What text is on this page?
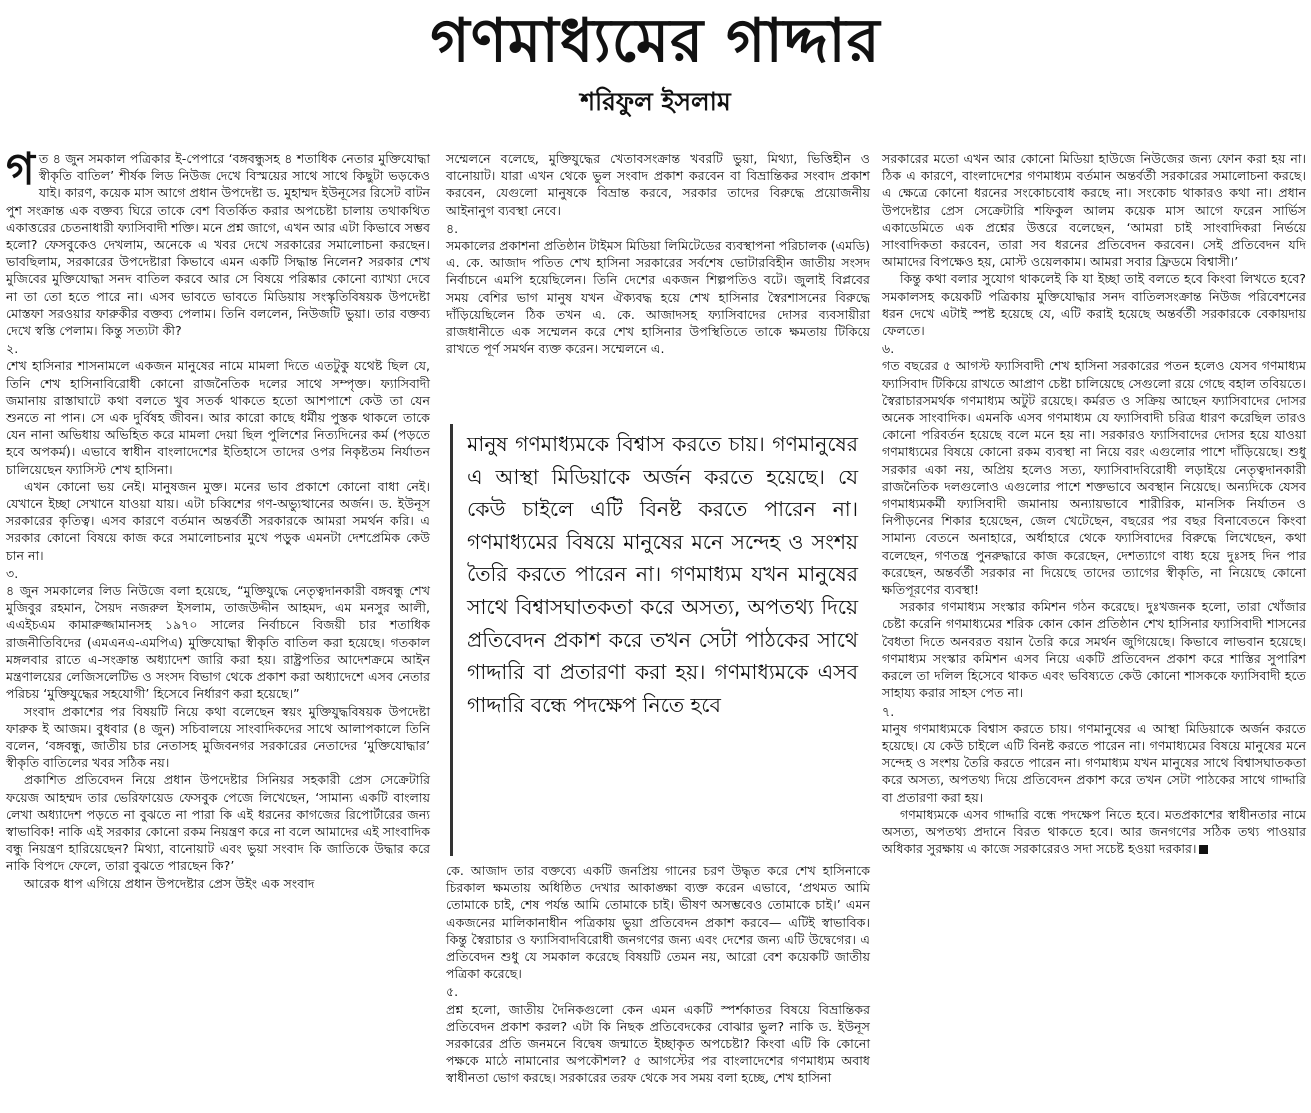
গণমাধ্যমের গাদ্দার
শরিফুল ইসলাম

গত ৪ জুন সমকাল পত্রিকার ই-পেপারে ‘বঙ্গবন্ধুসহ ৪ শতাধিক নেতার মুক্তিযোদ্ধা স্বীকৃতি বাতিল’ শীর্ষক লিড নিউজ দেখে বিস্ময়ের সাথে সাথে কিছুটা ভড়কেও যাই। কারণ, কয়েক মাস আগে প্রধান উপদেষ্টা ড. মুহাম্মদ ইউনূসের রিসেট বাটন পুশ সংক্রান্ত এক বক্তব্য ঘিরে তাকে বেশ বিতর্কিত করার অপচেষ্টা চালায় তথাকথিত একাত্তরের চেতনাধারী ফ্যাসিবাদী শক্তি। মনে প্রশ্ন জাগে, এখন আর এটা কিভাবে সম্ভব হলো? ফেসবুকেও দেখলাম, অনেকে এ খবর দেখে সরকারের সমালোচনা করছেন। ভাবছিলাম, সরকারের উপদেষ্টারা কিভাবে এমন একটি সিদ্ধান্ত নিলেন? সরকার শেখ মুজিবের মুক্তিযোদ্ধা সনদ বাতিল করবে আর সে বিষয়ে পরিষ্কার কোনো ব্যাখ্যা দেবে না তা তো হতে পারে না। এসব ভাবতে ভাবতে মিডিয়ায় সংস্কৃতিবিষয়ক উপদেষ্টা মোস্তফা সরওয়ার ফারুকীর বক্তব্য পেলাম। তিনি বললেন, নিউজটি ভুয়া। তার বক্তব্য দেখে স্বস্তি পেলাম। কিন্তু সত্যটা কী?

২.

শেখ হাসিনার শাসনামলে একজন মানুষের নামে মামলা দিতে এতটুকু যথেষ্ট ছিল যে, তিনি শেখ হাসিনাবিরোধী কোনো রাজনৈতিক দলের সাথে সম্পৃক্ত। ফ্যাসিবাদী জমানায় রাস্তাঘাটে কথা বলতে খুব সতর্ক থাকতে হতো আশপাশে কেউ তা যেন শুনতে না পান। সে এক দুর্বিষহ জীবন। আর কারো কাছে ধর্মীয় পুস্তক থাকলে তাকে যেন নানা অভিধায় অভিহিত করে মামলা দেয়া ছিল পুলিশের নিত্যদিনের কর্ম (পড়তে হবে অপকর্ম)। এভাবে স্বাধীন বাংলাদেশের ইতিহাসে তাদের ওপর নিকৃষ্টতম নির্যাতন চালিয়েছেন ফ্যাসিস্ট শেখ হাসিনা।

এখন কোনো ভয় নেই। মানুষজন মুক্ত। মনের ভাব প্রকাশে কোনো বাধা নেই। যেখানে ইচ্ছা সেখানে যাওয়া যায়। এটা চব্বিশের গণ-অভ্যুত্থানের অর্জন। ড. ইউনূস সরকারের কৃতিত্ব। এসব কারণে বর্তমান অন্তর্বর্তী সরকারকে আমরা সমর্থন করি। এ সরকার কোনো বিষয়ে কাজ করে সমালোচনার মুখে পড়ুক এমনটা দেশপ্রেমিক কেউ চান না।

৩.

৪ জুন সমকালের লিড নিউজে বলা হয়েছে, “মুক্তিযুদ্ধে নেতৃত্বদানকারী বঙ্গবন্ধু শেখ মুজিবুর রহমান, সৈয়দ নজরুল ইসলাম, তাজউদ্দীন আহমদ, এম মনসুর আলী, এএইচএম কামারুজ্জামানসহ ১৯৭০ সালের নির্বাচনে বিজয়ী চার শতাধিক রাজনীতিবিদের (এমএনএ-এমপিএ) মুক্তিযোদ্ধা স্বীকৃতি বাতিল করা হয়েছে। গতকাল মঙ্গলবার রাতে এ-সংক্রান্ত অধ্যাদেশ জারি করা হয়। রাষ্ট্রপতির আদেশক্রমে আইন মন্ত্রণালয়ের লেজিসলেটিভ ও সংসদ বিভাগ থেকে প্রকাশ করা অধ্যাদেশে এসব নেতার পরিচয় ‘মুক্তিযুদ্ধের সহযোগী’ হিসেবে নির্ধারণ করা হয়েছে।”

সংবাদ প্রকাশের পর বিষয়টি নিয়ে কথা বলেছেন স্বয়ং মুক্তিযুদ্ধবিষয়ক উপদেষ্টা ফারুক ই আজম। বুধবার (৪ জুন) সচিবালয়ে সাংবাদিকদের সাথে আলাপকালে তিনি বলেন, ‘বঙ্গবন্ধু, জাতীয় চার নেতাসহ মুজিবনগর সরকারের নেতাদের ‘মুক্তিযোদ্ধার’ স্বীকৃতি বাতিলের খবর সঠিক নয়।

প্রকাশিত প্রতিবেদন নিয়ে প্রধান উপদেষ্টার সিনিয়র সহকারী প্রেস সেক্রেটারি ফয়েজ আহম্মদ তার ভেরিফায়েড ফেসবুক পেজে লিখেছেন, ‘সামান্য একটি বাংলায় লেখা অধ্যাদেশ পড়তে না বুঝতে না পারা কি এই ধরনের কাগজের রিপোর্টারের জন্য স্বাভাবিক! নাকি এই সরকার কোনো রকম নিয়ন্ত্রণ করে না বলে আমাদের এই সাংবাদিক বন্ধু নিয়ন্ত্রণ হারিয়েছেন? মিথ্যা, বানোয়াট এবং ভুয়া সংবাদ কি জাতিকে উদ্ধার করে নাকি বিপদে ফেলে, তারা বুঝতে পারছেন কি?’

আরেক ধাপ এগিয়ে প্রধান উপদেষ্টার প্রেস উইং এক সংবাদ

সম্মেলনে বলেছে, মুক্তিযুদ্ধের খেতাবসংক্রান্ত খবরটি ভুয়া, মিথ্যা, ভিত্তিহীন ও বানোয়াট। যারা এখন থেকে ভুল সংবাদ প্রকাশ করবেন বা বিভ্রান্তিকর সংবাদ প্রকাশ করবেন, যেগুলো মানুষকে বিভ্রান্ত করবে, সরকার তাদের বিরুদ্ধে প্রয়োজনীয় আইনানুগ ব্যবস্থা নেবে।

৪.

সমকালের প্রকাশনা প্রতিষ্ঠান টাইমস মিডিয়া লিমিটেডের ব্যবস্থাপনা পরিচালক (এমডি) এ. কে. আজাদ পতিত শেখ হাসিনা সরকারের সর্বশেষ ভোটারবিহীন জাতীয় সংসদ নির্বাচনে এমপি হয়েছিলেন। তিনি দেশের একজন শিল্পপতিও বটে। জুলাই বিপ্লবের সময় বেশির ভাগ মানুষ যখন ঐক্যবদ্ধ হয়ে শেখ হাসিনার স্বৈরশাসনের বিরুদ্ধে দাঁড়িয়েছিলেন ঠিক তখন এ. কে. আজাদসহ ফ্যাসিবাদের দোসর ব্যবসায়ীরা রাজধানীতে এক সম্মেলন করে শেখ হাসিনার উপস্থিতিতে তাকে ক্ষমতায় টিকিয়ে রাখতে পূর্ণ সমর্থন ব্যক্ত করেন। সম্মেলনে এ.

মানুষ গণমাধ্যমকে বিশ্বাস করতে চায়। গণমানুষের এ আস্থা মিডিয়াকে অর্জন করতে হয়েছে। যে কেউ চাইলে এটি বিনষ্ট করতে পারেন না। গণমাধ্যমের বিষয়ে মানুষের মনে সন্দেহ ও সংশয় তৈরি করতে পারেন না। গণমাধ্যম যখন মানুষের সাথে বিশ্বাসঘাতকতা করে অসত্য, অপতথ্য দিয়ে প্রতিবেদন প্রকাশ করে তখন সেটা পাঠকের সাথে গাদ্দারি বা প্রতারণা করা হয়। গণমাধ্যমকে এসব গাদ্দারি বন্ধে পদক্ষেপ নিতে হবে

কে. আজাদ তার বক্তব্যে একটি জনপ্রিয় গানের চরণ উদ্ধৃত করে শেখ হাসিনাকে চিরকাল ক্ষমতায় অধিষ্ঠিত দেখার আকাঙ্ক্ষা ব্যক্ত করেন এভাবে, ‘প্রথমত আমি তোমাকে চাই, শেষ পর্যন্ত আমি তোমাকে চাই। ভীষণ অসম্ভবেও তোমাকে চাই।’ এমন একজনের মালিকানাধীন পত্রিকায় ভুয়া প্রতিবেদন প্রকাশ করবে— এটিই স্বাভাবিক। কিন্তু স্বৈরাচার ও ফ্যাসিবাদবিরোধী জনগণের জন্য এবং দেশের জন্য এটি উদ্বেগের। এ প্রতিবেদন শুধু যে সমকাল করেছে বিষয়টি তেমন নয়, আরো বেশ কয়েকটি জাতীয় পত্রিকা করেছে।

৫.

প্রশ্ন হলো, জাতীয় দৈনিকগুলো কেন এমন একটি স্পর্শকাতর বিষয়ে বিভ্রান্তিকর প্রতিবেদন প্রকাশ করল? এটা কি নিছক প্রতিবেদকের বোঝার ভুল? নাকি ড. ইউনূস সরকারের প্রতি জনমনে বিদ্বেষ জন্মাতে ইচ্ছাকৃত অপচেষ্টা? কিংবা এটি কি কোনো পক্ষকে মাঠে নামানোর অপকৌশল? ৫ আগস্টের পর বাংলাদেশের গণমাধ্যম অবাধ স্বাধীনতা ভোগ করছে। সরকারের তরফ থেকে সব সময় বলা হচ্ছে, শেখ হাসিনা

সরকারের মতো এখন আর কোনো মিডিয়া হাউজে নিউজের জন্য ফোন করা হয় না। ঠিক এ কারণে, বাংলাদেশের গণমাধ্যম বর্তমান অন্তর্বর্তী সরকারের সমালোচনা করছে। এ ক্ষেত্রে কোনো ধরনের সংকোচবোধ করছে না। সংকোচ থাকারও কথা না। প্রধান উপদেষ্টার প্রেস সেক্রেটারি শফিকুল আলম কয়েক মাস আগে ফরেন সার্ভিস একাডেমিতে এক প্রশ্নের উত্তরে বলেছেন, ‘আমরা চাই সাংবাদিকরা নির্ভয়ে সাংবাদিকতা করবেন, তারা সব ধরনের প্রতিবেদন করবেন। সেই প্রতিবেদন যদি আমাদের বিপক্ষেও হয়, মোস্ট ওয়েলকাম। আমরা সবার ফ্রিডমে বিশ্বাসী।’

কিন্তু কথা বলার সুযোগ থাকলেই কি যা ইচ্ছা তাই বলতে হবে কিংবা লিখতে হবে? সমকালসহ কয়েকটি পত্রিকায় মুক্তিযোদ্ধার সনদ বাতিলসংক্রান্ত নিউজ পরিবেশনের ধরন দেখে এটাই স্পষ্ট হয়েছে যে, এটি করাই হয়েছে অন্তর্বর্তী সরকারকে বেকায়দায় ফেলতে।

৬.

গত বছরের ৫ আগস্ট ফ্যাসিবাদী শেখ হাসিনা সরকারের পতন হলেও যেসব গণমাধ্যম ফ্যাসিবাদ টিকিয়ে রাখতে আপ্রাণ চেষ্টা চালিয়েছে সেগুলো রয়ে গেছে বহাল তবিয়তে। স্বৈরাচারসমর্থক গণমাধ্যম অটুট রয়েছে। কর্মরত ও সক্রিয় আছেন ফ্যাসিবাদের দোসর অনেক সাংবাদিক। এমনকি এসব গণমাধ্যম যে ফ্যাসিবাদী চরিত্র ধারণ করেছিল তারও কোনো পরিবর্তন হয়েছে বলে মনে হয় না। সরকারও ফ্যাসিবাদের দোসর হয়ে যাওয়া গণমাধ্যমের বিষয়ে কোনো রকম ব্যবস্থা না নিয়ে বরং এগুলোর পাশে দাঁড়িয়েছে। শুধু সরকার একা নয়, অপ্রিয় হলেও সত্য, ফ্যাসিবাদবিরোধী লড়াইয়ে নেতৃত্বদানকারী রাজনৈতিক দলগুলোও এগুলোর পাশে শক্তভাবে অবস্থান নিয়েছে। অন্যদিকে যেসব গণমাধ্যমকর্মী ফ্যাসিবাদী জমানায় অন্যায়ভাবে শারীরিক, মানসিক নির্যাতন ও নিপীড়নের শিকার হয়েছেন, জেল খেটেছেন, বছরের পর বছর বিনাবেতনে কিংবা সামান্য বেতনে অনাহারে, অর্ধাহারে থেকে ফ্যাসিবাদের বিরুদ্ধে লিখেছেন, কথা বলেছেন, গণতন্ত্র পুনরুদ্ধারে কাজ করেছেন, দেশত্যাগে বাধ্য হয়ে দুঃসহ দিন পার করেছেন, অন্তর্বর্তী সরকার না দিয়েছে তাদের ত্যাগের স্বীকৃতি, না নিয়েছে কোনো ক্ষতিপূরণের ব্যবস্থা!

সরকার গণমাধ্যম সংস্কার কমিশন গঠন করেছে। দুঃখজনক হলো, তারা খোঁজার চেষ্টা করেনি গণমাধ্যমের শরিক কোন কোন প্রতিষ্ঠান শেখ হাসিনার ফ্যাসিবাদী শাসনের বৈধতা দিতে অনবরত বয়ান তৈরি করে সমর্থন জুগিয়েছে। কিভাবে লাভবান হয়েছে। গণমাধ্যম সংস্কার কমিশন এসব নিয়ে একটি প্রতিবেদন প্রকাশ করে শাস্তির সুপারিশ করলে তা দলিল হিসেবে থাকত এবং ভবিষ্যতে কেউ কোনো শাসককে ফ্যাসিবাদী হতে সাহায্য করার সাহস পেত না।

৭.

মানুষ গণমাধ্যমকে বিশ্বাস করতে চায়। গণমানুষের এ আস্থা মিডিয়াকে অর্জন করতে হয়েছে। যে কেউ চাইলে এটি বিনষ্ট করতে পারেন না। গণমাধ্যমের বিষয়ে মানুষের মনে সন্দেহ ও সংশয় তৈরি করতে পারেন না। গণমাধ্যম যখন মানুষের সাথে বিশ্বাসঘাতকতা করে অসত্য, অপতথ্য দিয়ে প্রতিবেদন প্রকাশ করে তখন সেটা পাঠকের সাথে গাদ্দারি বা প্রতারণা করা হয়।

গণমাধ্যমকে এসব গাদ্দারি বন্ধে পদক্ষেপ নিতে হবে। মতপ্রকাশের স্বাধীনতার নামে অসত্য, অপতথ্য প্রদানে বিরত থাকতে হবে। আর জনগণের সঠিক তথ্য পাওয়ার অধিকার সুরক্ষায় এ কাজে সরকারেরও সদা সচেষ্ট হওয়া দরকার।
